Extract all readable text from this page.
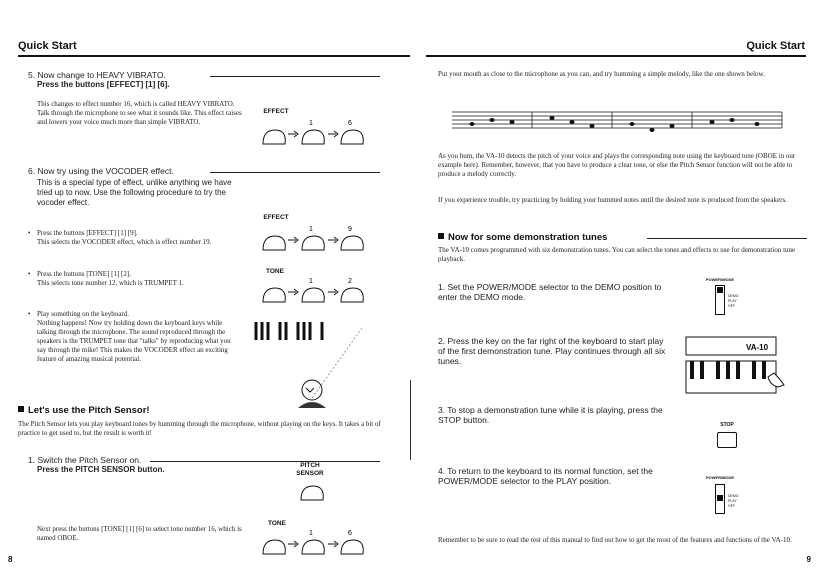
Quick Start
5. Now change to HEAVY VIBRATO.
Press the buttons [EFFECT] [1] [6].
This changes to effect number 16, which is called HEAVY VIBRATO. Talk through the microphone to see what it sounds like. This effect raises and lowers your voice much more than simple VIBRATO.
EFFECT
1	6
6. Now try using the VOCODER effect.
This is a special type of effect, unlike anything we have tried up to now. Use the following procedure to try the vocoder effect.
EFFECT
• Press the buttons [EFFECT] [1] [9].
This selects the VOCODER effect, which is effect number 19.
1	9
TONE
• Press the buttons [TONE] [1] [2].
This selects tone number 12, which is TRUMPET 1.	1	2
• Play something on the keyboard.
Nothing happens! Now try holding down the keyboard keys while talking through the microphone. The sound reproduced through the speakers is the TRUMPET tone that "talks" by reproducing what you say through the mike! This makes the VOCODER effect an exciting feature of amazing musical potential.
Let's use the Pitch Sensor!
The Pitch Sensor lets you play keyboard tones by humming through the microphone, without playing on the keys. It takes a bit of practice to get used to, but the result is worth it!
1. Switch the Pitch Sensor on.
Press the PITCH SENSOR button.	PITCH
SENSOR
Next press the buttons [TONE] [1] [6] to select tone number 16, which is named OBOE.
TONE
1	6
8
Quick Start
Put your mouth as close to the microphone as you can, and try humming a simple melody, like the one shown below.
As you hum, the VA-10 detects the pitch of your voice and plays the corresponding note using the keyboard tone (OBOE in our example here). Remember, however, that you have to produce a clear tone, or else the Pitch Sensor function will not be able to produce a melody correctly.
If you experience trouble, try practicing by holding your hummed notes until the desired note is produced from the speakers.
Now for some demonstration tunes
The VA-10 comes programmed with six demonstration tunes. You can select the tones and effects to use for demonstration tune playback.
1. Set the POWER/MODE selector to the DEMO position to enter the DEMO mode.
POWER/MODE
DEMO
PLAY
OFF
2. Press the key on the far right of the keyboard to start play of the first demonstration tune. Play continues through all six tunes.
VA-10
3. To stop a demonstration tune while it is playing, press the STOP button.	STOP
4. To return to the keyboard to its normal function, set the POWER/MODE selector to the PLAY position.	POWER/MODE
DEMO
PLAY
OFF
Remember to be sure to read the rest of this manual to find out how to get the most of the features and functions of the VA-10.
9
